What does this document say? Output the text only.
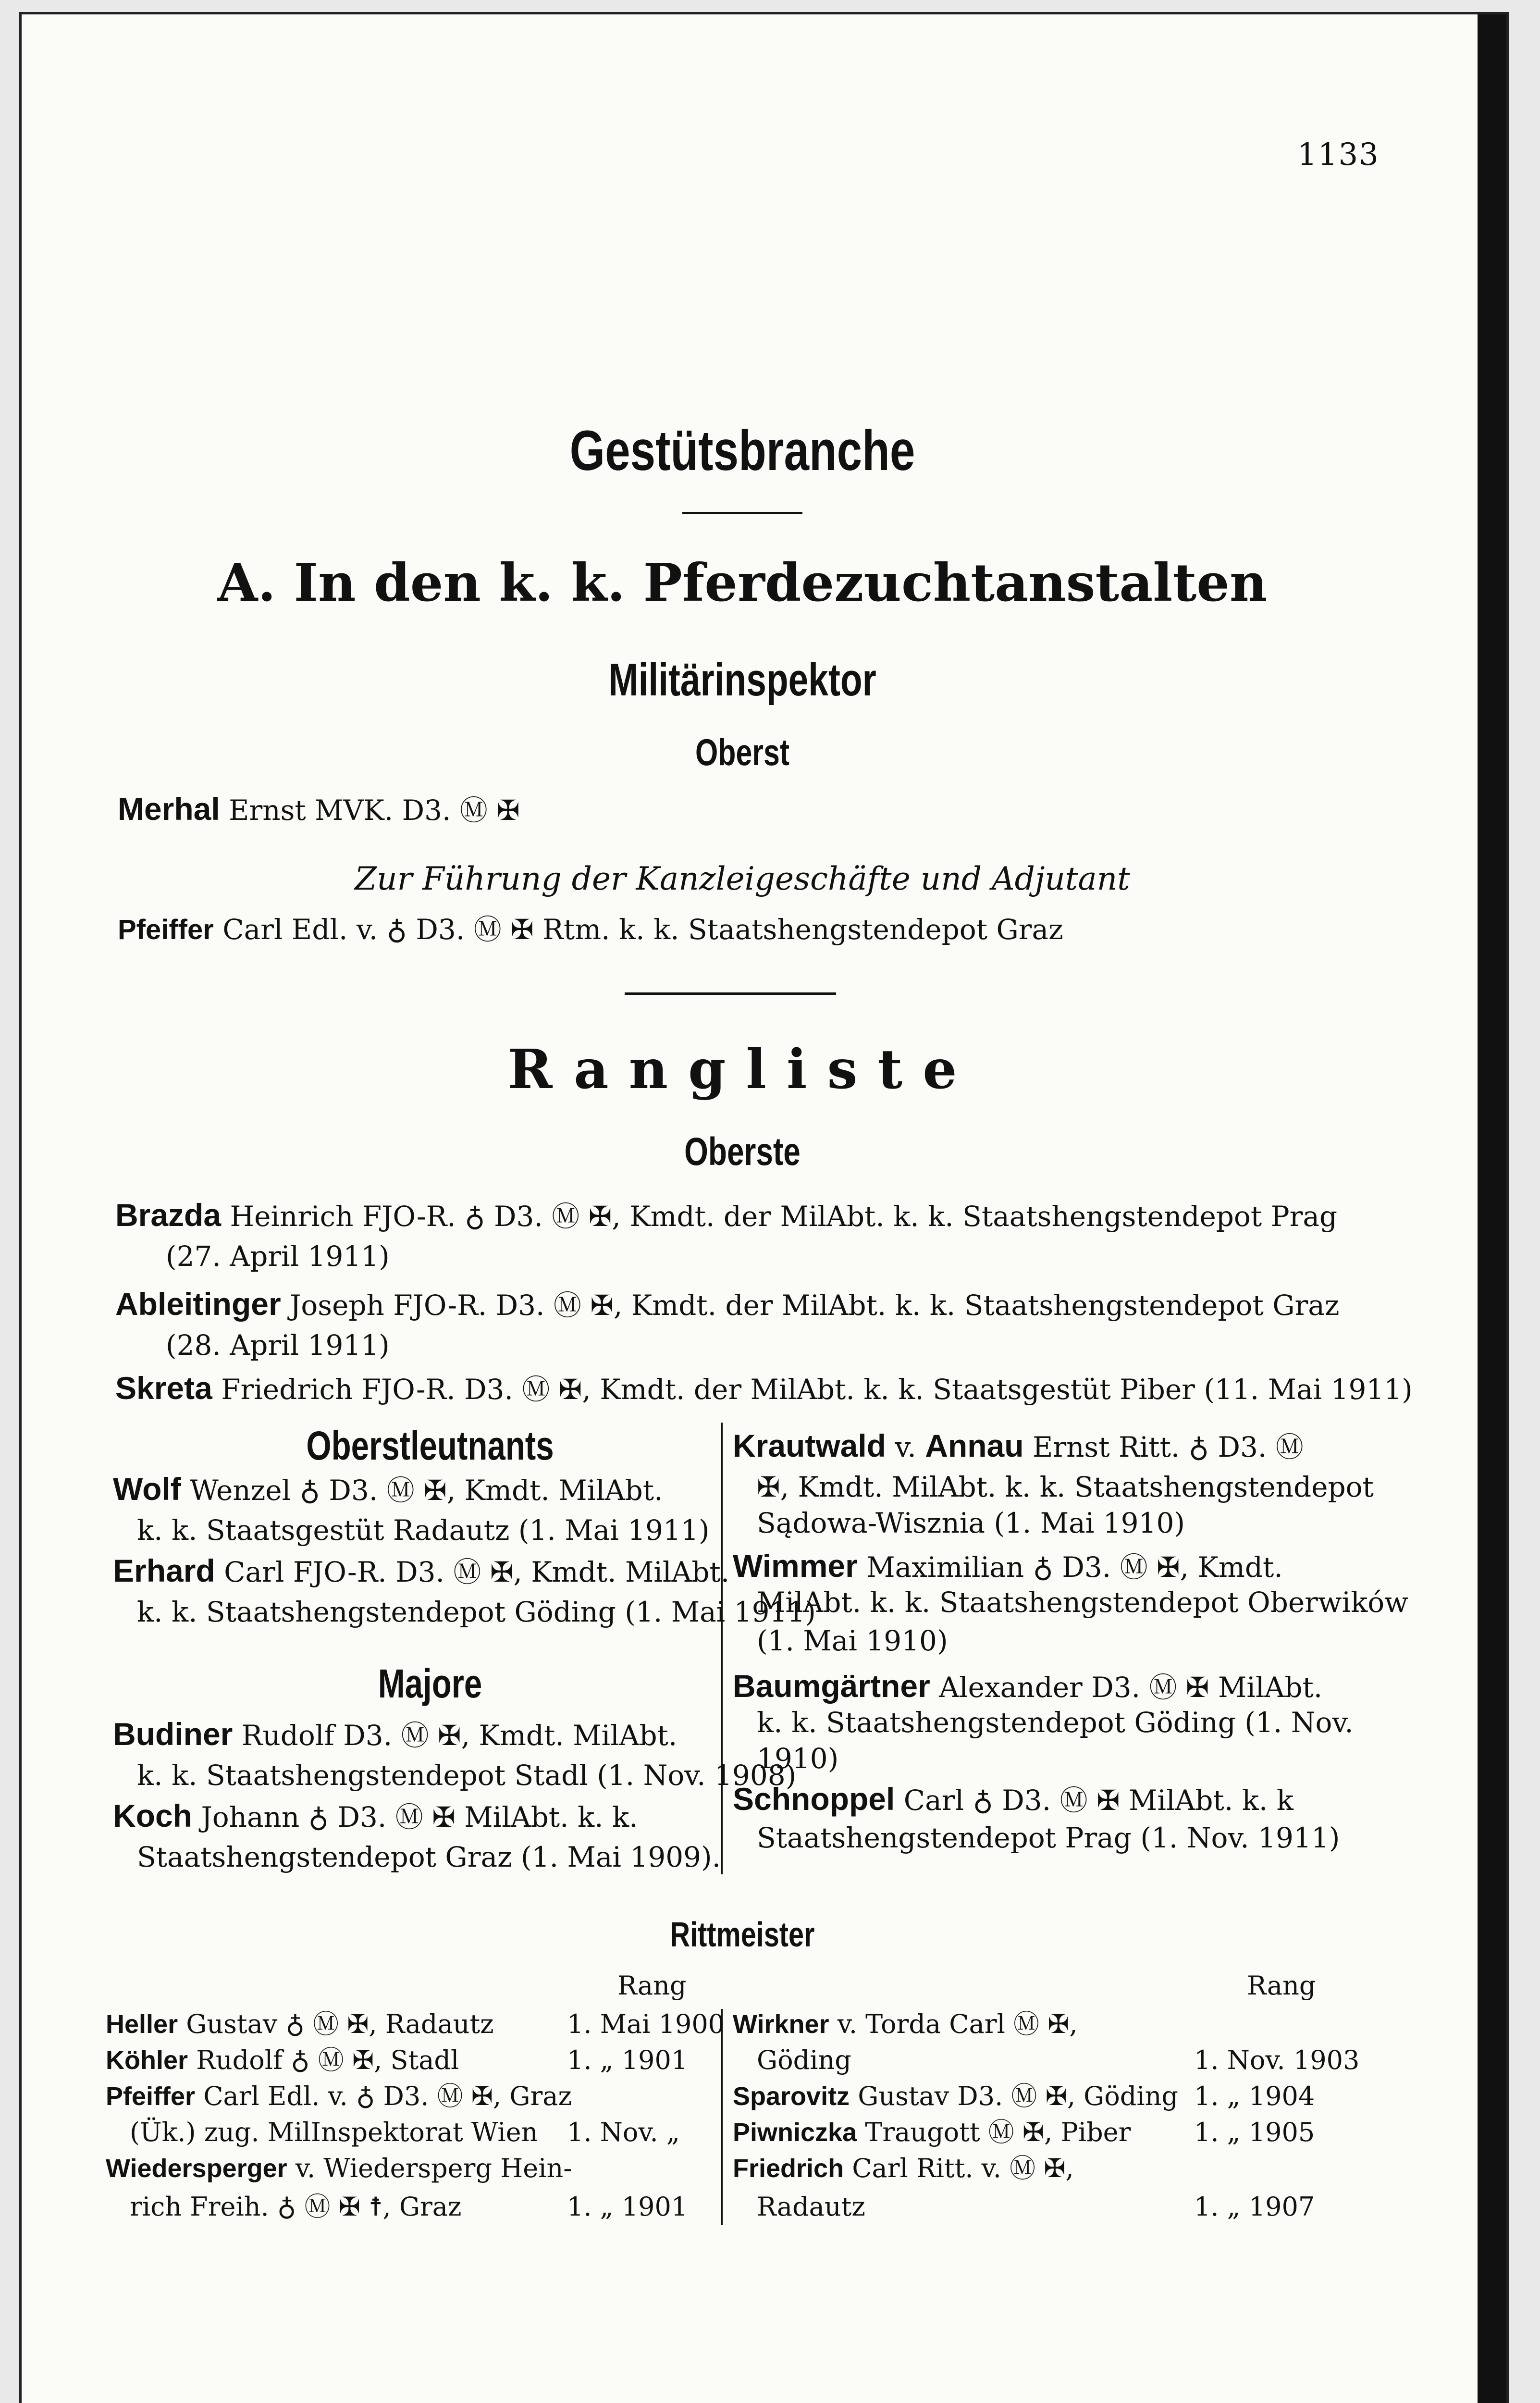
1133
Gestütsbranche
A. In den k. k. Pferdezuchtanstalten
Militärinspektor
Oberst
Merhal Ernst MVK. D3. Ⓜ ✠
Zur Führung der Kanzleigeschäfte und Adjutant
Pfeiffer Carl Edl. v. ♁ D3. Ⓜ ✠ Rtm. k. k. Staatshengstendepot Graz
Rangliste
Oberste
Brazda Heinrich FJO-R. ♁ D3. Ⓜ ✠, Kmdt. der MilAbt. k. k. Staatshengstendepot Prag
(27. April 1911)
Ableitinger Joseph FJO-R. D3. Ⓜ ✠, Kmdt. der MilAbt. k. k. Staatshengstendepot Graz
(28. April 1911)
Skreta Friedrich FJO-R. D3. Ⓜ ✠, Kmdt. der MilAbt. k. k. Staatsgestüt Piber (11. Mai 1911)
Oberstleutnants
Wolf Wenzel ♁ D3. Ⓜ ✠, Kmdt. MilAbt.
k. k. Staatsgestüt Radautz (1. Mai 1911)
Erhard Carl FJO-R. D3. Ⓜ ✠, Kmdt. MilAbt.
k. k. Staatshengstendepot Göding (1. Mai 1911)
Majore
Budiner Rudolf D3. Ⓜ ✠, Kmdt. MilAbt.
k. k. Staatshengstendepot Stadl (1. Nov. 1908)
Koch Johann ♁ D3. Ⓜ ✠ MilAbt. k. k.
Staatshengstendepot Graz (1. Mai 1909).
Krautwald v. Annau Ernst Ritt. ♁ D3. Ⓜ
✠, Kmdt. MilAbt. k. k. Staatshengstendepot
Sądowa-Wisznia (1. Mai 1910)
Wimmer Maximilian ♁ D3. Ⓜ ✠, Kmdt.
MilAbt. k. k. Staatshengstendepot Oberwików
(1. Mai 1910)
Baumgärtner Alexander D3. Ⓜ ✠ MilAbt.
k. k. Staatshengstendepot Göding (1. Nov.
1910)
Schnoppel Carl ♁ D3. Ⓜ ✠ MilAbt. k. k
Staatshengstendepot Prag (1. Nov. 1911)
Rittmeister
Rang	Rang
Heller Gustav ♁ Ⓜ ✠, Radautz	1. Mai 1900
Köhler Rudolf ♁ Ⓜ ✠, Stadl	1. „ 1901
Pfeiffer Carl Edl. v. ♁ D3. Ⓜ ✠, Graz
(Ük.) zug. MilInspektorat Wien 1. Nov. „
Wiedersperger v. Wiedersperg Hein-
rich Freih. ♁ Ⓜ ✠ ☨, Graz	1. „ 1901
Wirkner v. Torda Carl Ⓜ ✠,
Göding	1. Nov. 1903
Sparovitz Gustav D3. Ⓜ ✠, Göding 1. „ 1904
Piwniczka Traugott Ⓜ ✠, Piber 1. „ 1905
Friedrich Carl Ritt. v. Ⓜ ✠,
Radautz	1. „ 1907
